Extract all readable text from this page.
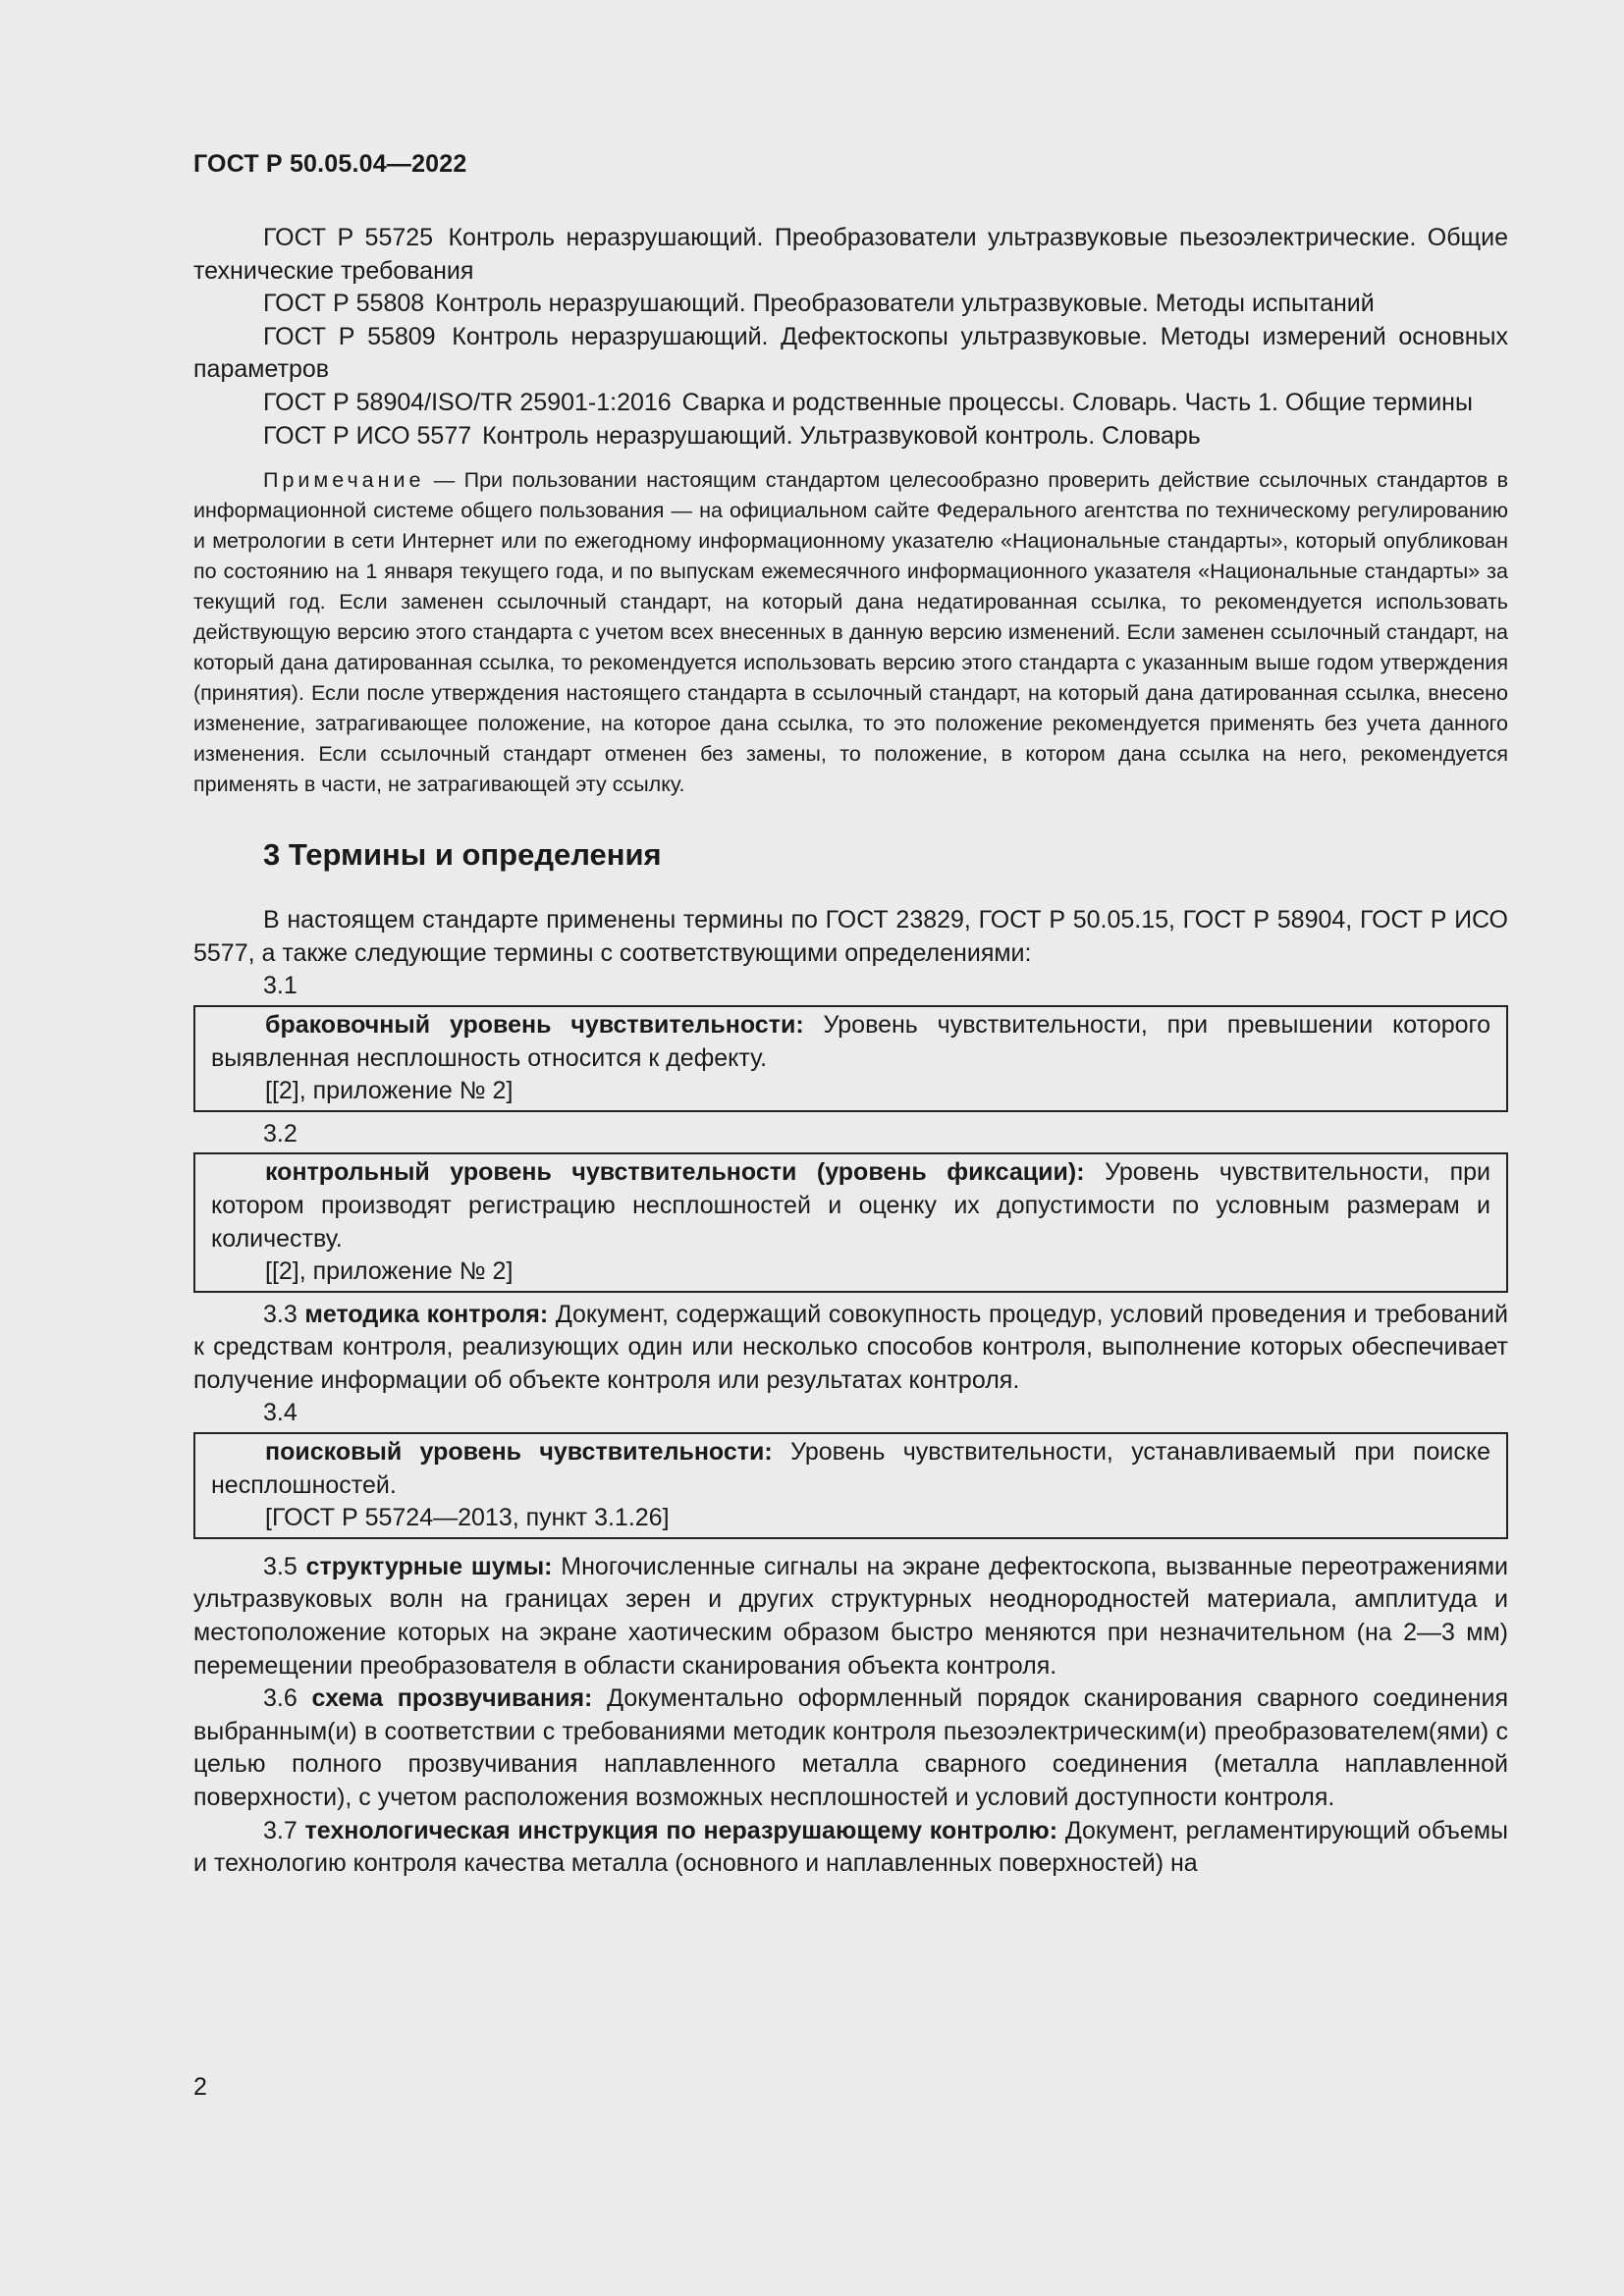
ГОСТ Р 50.05.04—2022

ГОСТ Р 55725 Контроль неразрушающий. Преобразователи ультразвуковые пьезоэлектрические. Общие технические требования

ГОСТ Р 55808 Контроль неразрушающий. Преобразователи ультразвуковые. Методы испытаний

ГОСТ Р 55809 Контроль неразрушающий. Дефектоскопы ультразвуковые. Методы измерений основных параметров

ГОСТ Р 58904/ISO/TR 25901-1:2016 Сварка и родственные процессы. Словарь. Часть 1. Общие термины

ГОСТ Р ИСО 5577 Контроль неразрушающий. Ультразвуковой контроль. Словарь

Примечание — При пользовании настоящим стандартом целесообразно проверить действие ссылочных стандартов в информационной системе общего пользования — на официальном сайте Федерального агентства по техническому регулированию и метрологии в сети Интернет или по ежегодному информационному указателю «Национальные стандарты», который опубликован по состоянию на 1 января текущего года, и по выпускам ежемесячного информационного указателя «Национальные стандарты» за текущий год. Если заменен ссылочный стандарт, на который дана недатированная ссылка, то рекомендуется использовать действующую версию этого стандарта с учетом всех внесенных в данную версию изменений. Если заменен ссылочный стандарт, на который дана датированная ссылка, то рекомендуется использовать версию этого стандарта с указанным выше годом утверждения (принятия). Если после утверждения настоящего стандарта в ссылочный стандарт, на который дана датированная ссылка, внесено изменение, затрагивающее положение, на которое дана ссылка, то это положение рекомендуется применять без учета данного изменения. Если ссылочный стандарт отменен без замены, то положение, в котором дана ссылка на него, рекомендуется применять в части, не затрагивающей эту ссылку.

3 Термины и определения

В настоящем стандарте применены термины по ГОСТ 23829, ГОСТ Р 50.05.15, ГОСТ Р 58904, ГОСТ Р ИСО 5577, а также следующие термины с соответствующими определениями:

3.1

браковочный уровень чувствительности: Уровень чувствительности, при превышении которого выявленная несплошность относится к дефекту.

[[2], приложение № 2]

3.2

контрольный уровень чувствительности (уровень фиксации): Уровень чувствительности, при котором производят регистрацию несплошностей и оценку их допустимости по условным размерам и количеству.

[[2], приложение № 2]

3.3 методика контроля: Документ, содержащий совокупность процедур, условий проведения и требований к средствам контроля, реализующих один или несколько способов контроля, выполнение которых обеспечивает получение информации об объекте контроля или результатах контроля.

3.4

поисковый уровень чувствительности: Уровень чувствительности, устанавливаемый при поиске несплошностей.

[ГОСТ Р 55724—2013, пункт 3.1.26]

3.5 структурные шумы: Многочисленные сигналы на экране дефектоскопа, вызванные переотражениями ультразвуковых волн на границах зерен и других структурных неоднородностей материала, амплитуда и местоположение которых на экране хаотическим образом быстро меняются при незначительном (на 2—3 мм) перемещении преобразователя в области сканирования объекта контроля.

3.6 схема прозвучивания: Документально оформленный порядок сканирования сварного соединения выбранным(и) в соответствии с требованиями методик контроля пьезоэлектрическим(и) преобразователем(ями) с целью полного прозвучивания наплавленного металла сварного соединения (металла наплавленной поверхности), с учетом расположения возможных несплошностей и условий доступности контроля.

3.7 технологическая инструкция по неразрушающему контролю: Документ, регламентирующий объемы и технологию контроля качества металла (основного и наплавленных поверхностей) на

2
